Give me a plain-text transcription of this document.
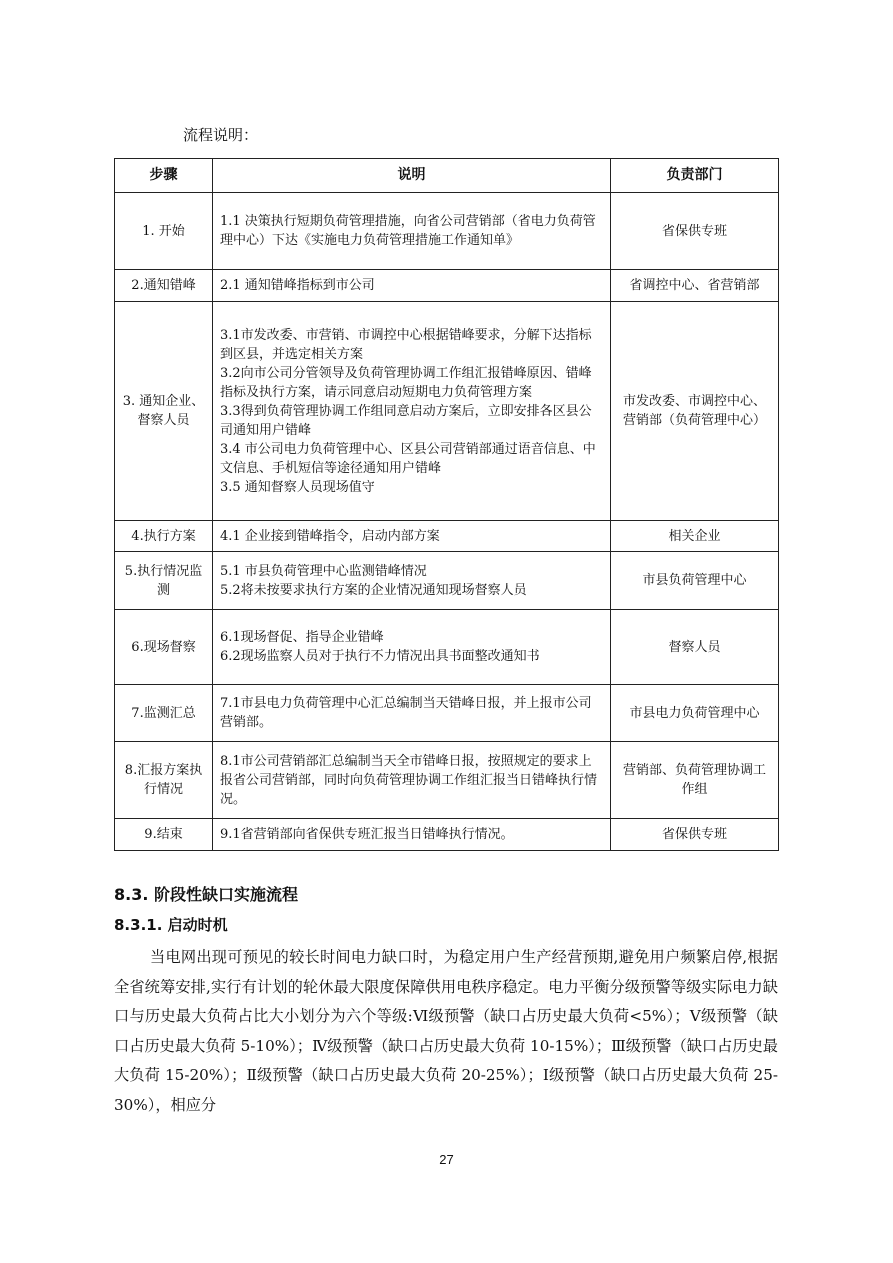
流程说明：
步骤	说明	负责部门
1. 开始	1.1 决策执行短期负荷管理措施，向省公司营销部（省电力负荷管理中心）下达《实施电力负荷管理措施工作通知单》	省保供专班
2.通知错峰	2.1 通知错峰指标到市公司	省调控中心、省营销部
3. 通知企业、督察人员	3.1市发改委、市营销、市调控中心根据错峰要求，分解下达指标到区县，并选定相关方案
3.2向市公司分管领导及负荷管理协调工作组汇报错峰原因、错峰指标及执行方案，请示同意启动短期电力负荷管理方案
3.3得到负荷管理协调工作组同意启动方案后，立即安排各区县公司通知用户错峰
3.4 市公司电力负荷管理中心、区县公司营销部通过语音信息、中文信息、手机短信等途径通知用户错峰
3.5 通知督察人员现场值守	市发改委、市调控中心、营销部（负荷管理中心）
4.执行方案	4.1 企业接到错峰指令，启动内部方案	相关企业
5.执行情况监测	5.1 市县负荷管理中心监测错峰情况
5.2将未按要求执行方案的企业情况通知现场督察人员	市县负荷管理中心
6.现场督察	6.1现场督促、指导企业错峰
6.2现场监察人员对于执行不力情况出具书面整改通知书	督察人员
7.监测汇总	7.1市县电力负荷管理中心汇总编制当天错峰日报，并上报市公司营销部。	市县电力负荷管理中心
8.汇报方案执行情况	8.1市公司营销部汇总编制当天全市错峰日报，按照规定的要求上报省公司营销部，同时向负荷管理协调工作组汇报当日错峰执行情况。	营销部、负荷管理协调工作组
9.结束	9.1省营销部向省保供专班汇报当日错峰执行情况。	省保供专班
8.3. 阶段性缺口实施流程
8.3.1. 启动时机
当电网出现可预见的较长时间电力缺口时，为稳定用户生产经营预期,避免用户频繁启停,根据全省统筹安排,实行有计划的轮休最大限度保障供用电秩序稳定。电力平衡分级预警等级实际电力缺口与历史最大负荷占比大小划分为六个等级:Ⅵ级预警（缺口占历史最大负荷<5%）；Ⅴ级预警（缺口占历史最大负荷 5-10%）；Ⅳ级预警（缺口占历史最大负荷 10-15%）；Ⅲ级预警（缺口占历史最大负荷 15-20%）；Ⅱ级预警（缺口占历史最大负荷 20-25%）；Ⅰ级预警（缺口占历史最大负荷 25-30%），相应分
27
